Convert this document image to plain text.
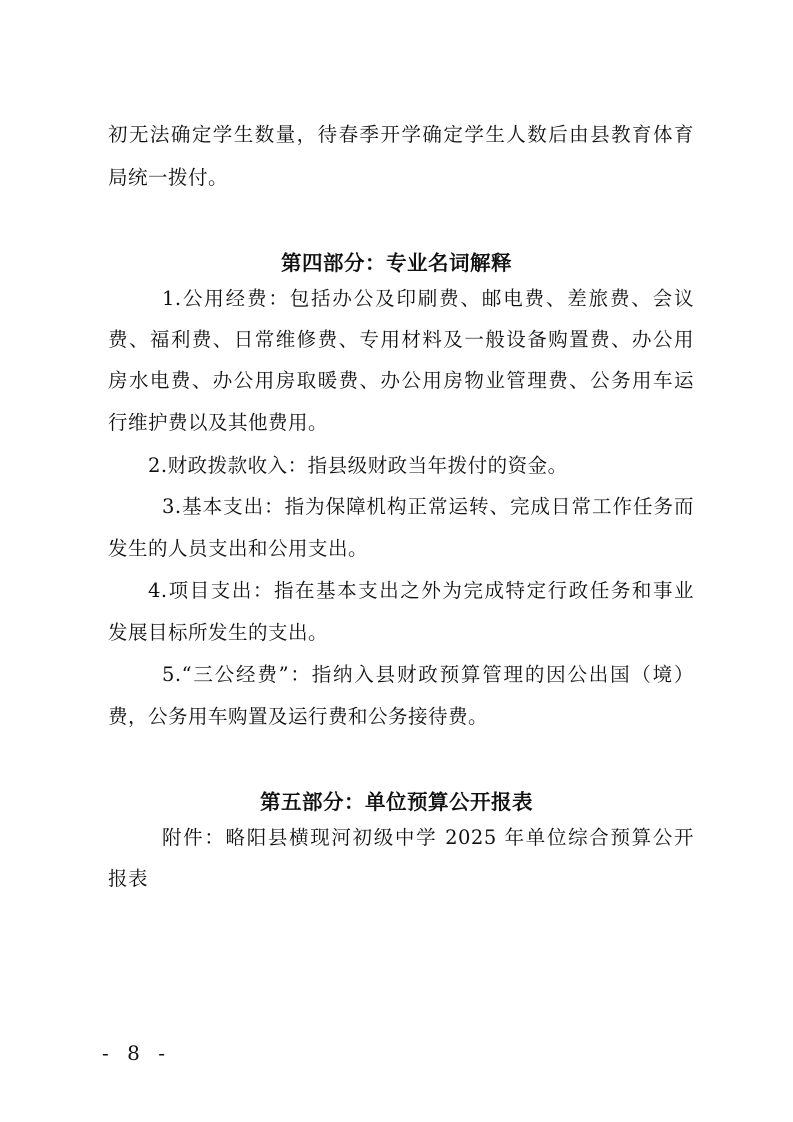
初无法确定学生数量，待春季开学确定学生人数后由县教育体育
局统一拨付。
第四部分：专业名词解释
1.公用经费：包括办公及印刷费、邮电费、差旅费、会议
费、福利费、日常维修费、专用材料及一般设备购置费、办公用
房水电费、办公用房取暖费、办公用房物业管理费、公务用车运
行维护费以及其他费用。
2.财政拨款收入：指县级财政当年拨付的资金。
3.基本支出：指为保障机构正常运转、完成日常工作任务而
发生的人员支出和公用支出。
4.项目支出：指在基本支出之外为完成特定行政任务和事业
发展目标所发生的支出。
5.“三公经费”：指纳入县财政预算管理的因公出国（境）
费，公务用车购置及运行费和公务接待费。
第五部分：单位预算公开报表
附件：略阳县横现河初级中学 2025 年单位综合预算公开
报表
- 8 -
